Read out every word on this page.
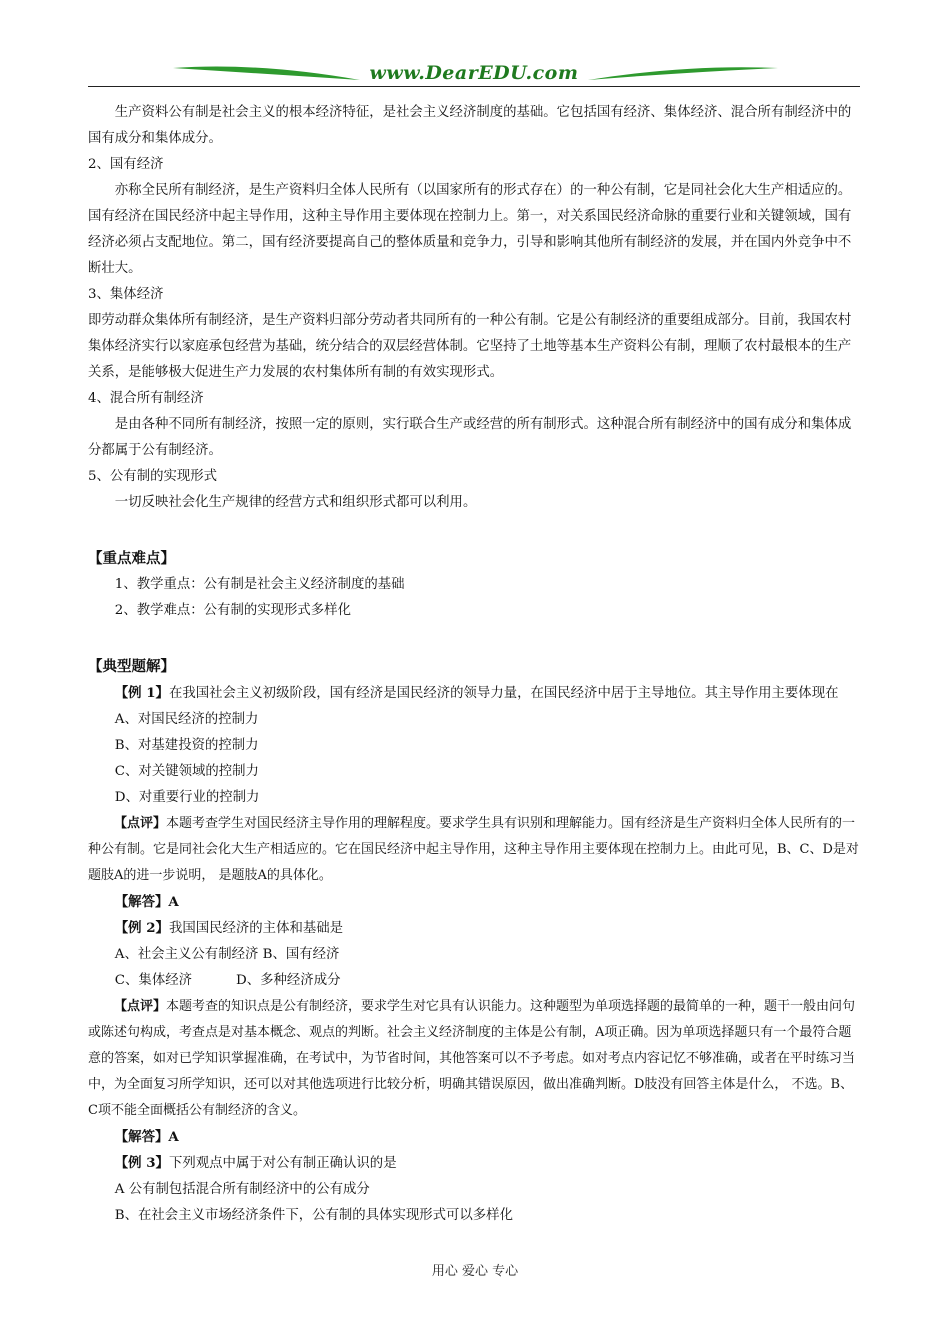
www.DearEDU.com

生产资料公有制是社会主义的根本经济特征，是社会主义经济制度的基础。它包括国有经济、集体经济、混合所有制经济中的国有成分和集体成分。

2、国有经济

亦称全民所有制经济，是生产资料归全体人民所有（以国家所有的形式存在）的一种公有制，它是同社会化大生产相适应的。国有经济在国民经济中起主导作用，这种主导作用主要体现在控制力上。第一，对关系国民经济命脉的重要行业和关键领域，国有经济必须占支配地位。第二，国有经济要提高自己的整体质量和竞争力，引导和影响其他所有制经济的发展，并在国内外竞争中不断壮大。

3、集体经济

即劳动群众集体所有制经济，是生产资料归部分劳动者共同所有的一种公有制。它是公有制经济的重要组成部分。目前，我国农村集体经济实行以家庭承包经营为基础，统分结合的双层经营体制。它坚持了土地等基本生产资料公有制，理顺了农村最根本的生产关系，是能够极大促进生产力发展的农村集体所有制的有效实现形式。

4、混合所有制经济

是由各种不同所有制经济，按照一定的原则，实行联合生产或经营的所有制形式。这种混合所有制经济中的国有成分和集体成分都属于公有制经济。

5、公有制的实现形式

一切反映社会化生产规律的经营方式和组织形式都可以利用。

【重点难点】

1、教学重点：公有制是社会主义经济制度的基础

2、教学难点：公有制的实现形式多样化

【典型题解】

【例 1】在我国社会主义初级阶段，国有经济是国民经济的领导力量，在国民经济中居于主导地位。其主导作用主要体现在

A、对国民经济的控制力

B、对基建投资的控制力

C、对关键领域的控制力

D、对重要行业的控制力

【点评】本题考查学生对国民经济主导作用的理解程度。要求学生具有识别和理解能力。国有经济是生产资料归全体人民所有的一种公有制。它是同社会化大生产相适应的。它在国民经济中起主导作用，这种主导作用主要体现在控制力上。由此可见，B、C、D是对题肢A的进一步说明， 是题肢A的具体化。

【解答】A

【例 2】我国国民经济的主体和基础是

A、社会主义公有制经济 B、国有经济

C、集体经济	D、多种经济成分

【点评】本题考查的知识点是公有制经济，要求学生对它具有认识能力。这种题型为单项选择题的最简单的一种，题干一般由问句或陈述句构成，考查点是对基本概念、观点的判断。社会主义经济制度的主体是公有制，A项正确。因为单项选择题只有一个最符合题意的答案，如对已学知识掌握准确，在考试中，为节省时间，其他答案可以不予考虑。如对考点内容记忆不够准确，或者在平时练习当中，为全面复习所学知识，还可以对其他选项进行比较分析，明确其错误原因，做出准确判断。D肢没有回答主体是什么， 不选。B、C项不能全面概括公有制经济的含义。

【解答】A

【例 3】下列观点中属于对公有制正确认识的是

A 公有制包括混合所有制经济中的公有成分

B、在社会主义市场经济条件下，公有制的具体实现形式可以多样化

用心 爱心 专心
